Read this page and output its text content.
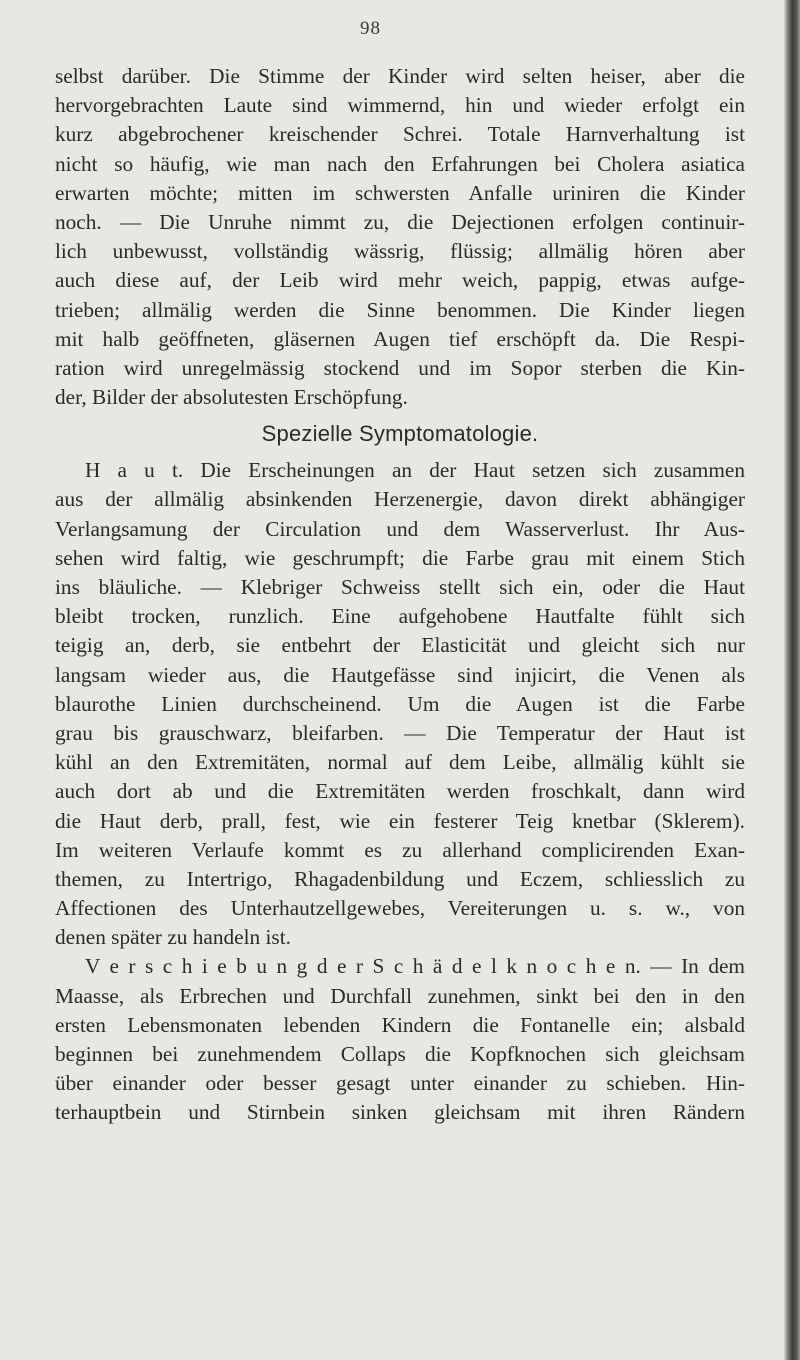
98
selbst darüber. Die Stimme der Kinder wird selten heiser, aber die
hervorgebrachten Laute sind wimmernd, hin und wieder erfolgt ein
kurz abgebrochener kreischender Schrei. Totale Harnverhaltung ist
nicht so häufig, wie man nach den Erfahrungen bei Cholera asiatica
erwarten möchte; mitten im schwersten Anfalle uriniren die Kinder
noch. — Die Unruhe nimmt zu, die Dejectionen erfolgen continuir-
lich unbewusst, vollständig wässrig, flüssig; allmälig hören aber
auch diese auf, der Leib wird mehr weich, pappig, etwas aufge-
trieben; allmälig werden die Sinne benommen. Die Kinder liegen
mit halb geöffneten, gläsernen Augen tief erschöpft da. Die Respi-
ration wird unregelmässig stockend und im Sopor sterben die Kin-
der, Bilder der absolutesten Erschöpfung.
Spezielle Symptomatologie.
H a u t. Die Erscheinungen an der Haut setzen sich zusammen
aus der allmälig absinkenden Herzenergie, davon direkt abhängiger
Verlangsamung der Circulation und dem Wasserverlust. Ihr Aus-
sehen wird faltig, wie geschrumpft; die Farbe grau mit einem Stich
ins bläuliche. — Klebriger Schweiss stellt sich ein, oder die Haut
bleibt trocken, runzlich. Eine aufgehobene Hautfalte fühlt sich
teigig an, derb, sie entbehrt der Elasticität und gleicht sich nur
langsam wieder aus, die Hautgefässe sind injicirt, die Venen als
blaurothe Linien durchscheinend. Um die Augen ist die Farbe
grau bis grauschwarz, bleifarben. — Die Temperatur der Haut ist
kühl an den Extremitäten, normal auf dem Leibe, allmälig kühlt sie
auch dort ab und die Extremitäten werden froschkalt, dann wird
die Haut derb, prall, fest, wie ein festerer Teig knetbar (Sklerem).
Im weiteren Verlaufe kommt es zu allerhand complicirenden Exan-
themen, zu Intertrigo, Rhagadenbildung und Eczem, schliesslich zu
Affectionen des Unterhautzellgewebes, Vereiterungen u. s. w., von
denen später zu handeln ist.
V e r s c h i e b u n g d e r S c h ä d e l k n o c h e n. — In dem
Maasse, als Erbrechen und Durchfall zunehmen, sinkt bei den in den
ersten Lebensmonaten lebenden Kindern die Fontanelle ein; alsbald
beginnen bei zunehmendem Collaps die Kopfknochen sich gleichsam
über einander oder besser gesagt unter einander zu schieben. Hin-
terhauptbein und Stirnbein sinken gleichsam mit ihren Rändern
